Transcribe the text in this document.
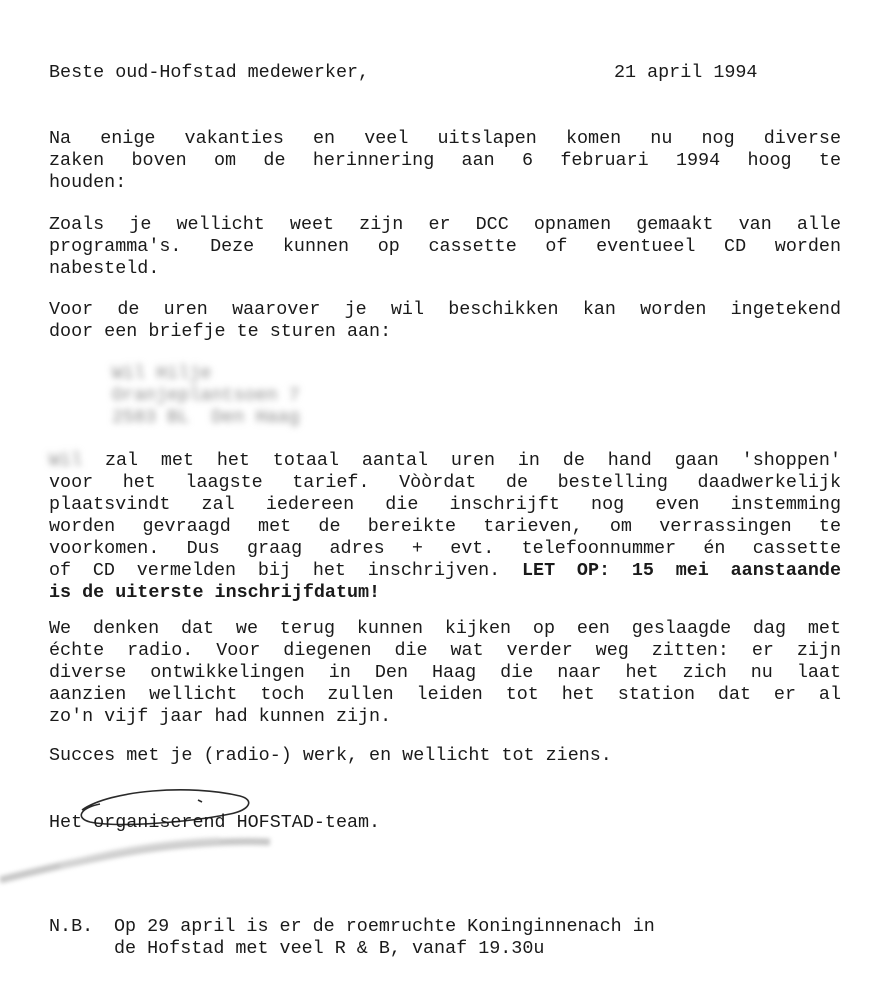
Beste oud-Hofstad medewerker,	21 april 1994
Na enige vakanties en veel uitslapen komen nu nog diverse
zaken boven om de herinnering aan 6 februari 1994 hoog te
houden:
Zoals je wellicht weet zijn er DCC opnamen gemaakt van alle
programma's. Deze kunnen op cassette of eventueel CD worden
nabesteld.
Voor de uren waarover je wil beschikken kan worden ingetekend
door een briefje te sturen aan:
Wil Hilje
Oranjeplantsoen 7
2583 BL  Den Haag
Wil zal met het totaal aantal uren in de hand gaan 'shoppen'
voor het laagste tarief. Vòòrdat de bestelling daadwerkelijk
plaatsvindt zal iedereen die inschrijft nog even instemming
worden gevraagd met de bereikte tarieven, om verrassingen te
voorkomen. Dus graag adres + evt. telefoonnummer én cassette
of CD vermelden bij het inschrijven. LET OP: 15 mei aanstaande
is de uiterste inschrijfdatum!
We denken dat we terug kunnen kijken op een geslaagde dag met
échte radio. Voor diegenen die wat verder weg zitten: er zijn
diverse ontwikkelingen in Den Haag die naar het zich nu laat
aanzien wellicht toch zullen leiden tot het station dat er al
zo'n vijf jaar had kunnen zijn.
Succes met je (radio-) werk, en wellicht tot ziens.
Het organiserend HOFSTAD-team.
N.B. Op 29 april is er de roemruchte Koninginnenach in
de Hofstad met veel R & B, vanaf 19.30u
